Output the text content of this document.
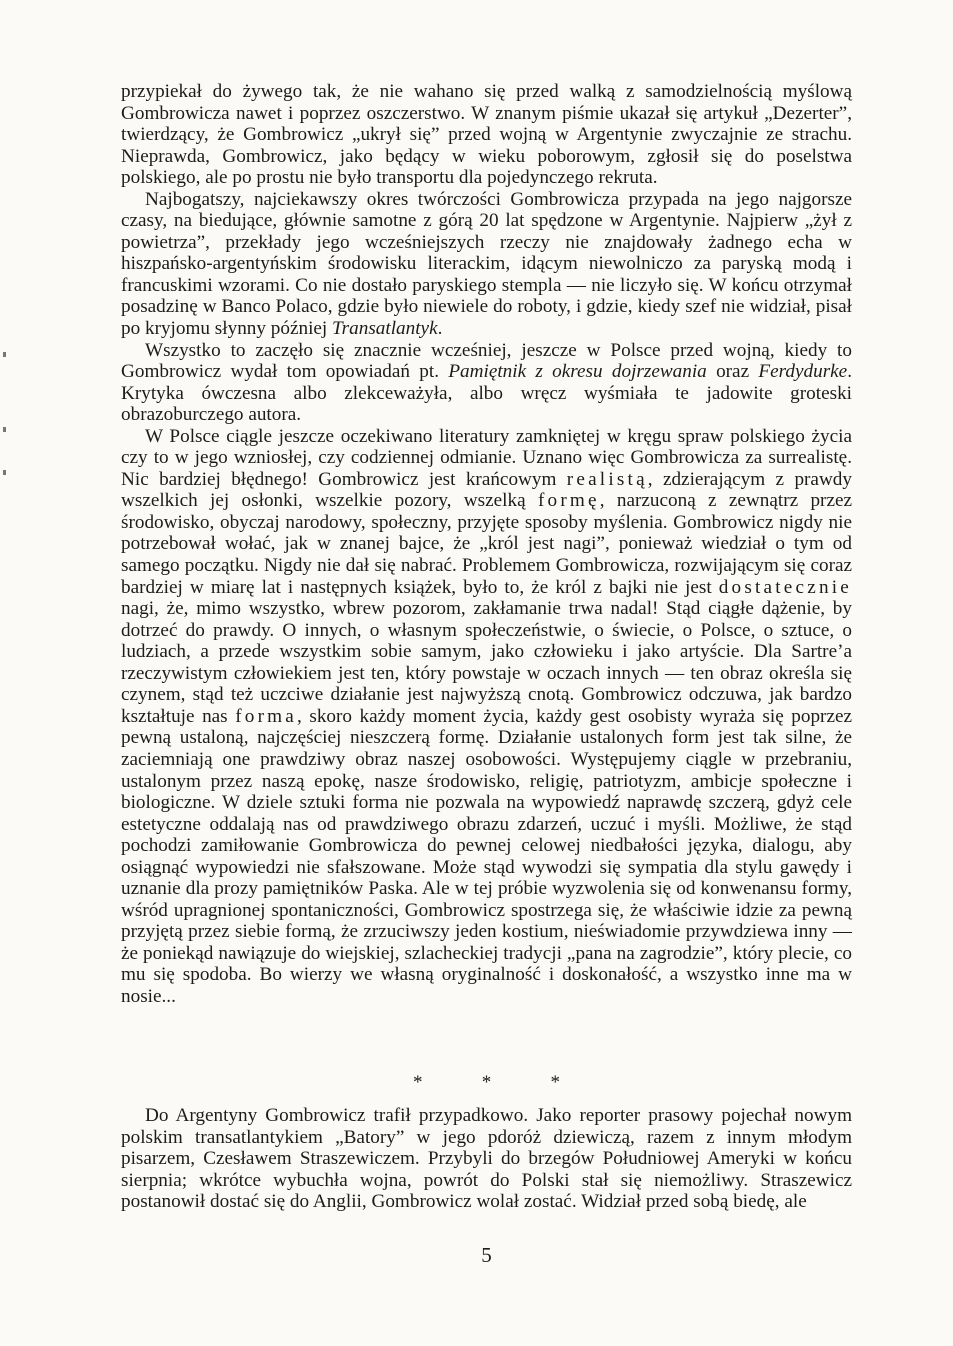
przypiekał do żywego tak, że nie wahano się przed walką z samodzielnością myślową Gombrowicza nawet i poprzez oszczerstwo. W znanym piśmie ukazał się artykuł „Dezerter”, twierdzący, że Gombrowicz „ukrył się” przed wojną w Argentynie zwyczajnie ze strachu. Nieprawda, Gombrowicz, jako będący w wieku poborowym, zgłosił się do poselstwa polskiego, ale po prostu nie było transportu dla pojedynczego rekruta.

Najbogatszy, najciekawszy okres twórczości Gombrowicza przypada na jego najgorsze czasy, na biedujące, głównie samotne z górą 20 lat spędzone w Argentynie. Najpierw „żył z powietrza”, przekłady jego wcześniejszych rzeczy nie znajdowały żadnego echa w hiszpańsko-argentyńskim środowisku literackim, idącym niewolniczo za paryską modą i francuskimi wzorami. Co nie dostało paryskiego stempla — nie liczyło się. W końcu otrzymał posadzinę w Banco Polaco, gdzie było niewiele do roboty, i gdzie, kiedy szef nie widział, pisał po kryjomu słynny później Transatlantyk.

Wszystko to zaczęło się znacznie wcześniej, jeszcze w Polsce przed wojną, kiedy to Gombrowicz wydał tom opowiadań pt. Pamiętnik z okresu dojrzewania oraz Ferdydurke. Krytyka ówczesna albo zlekceważyła, albo wręcz wyśmiała te jadowite groteski obrazoburczego autora.

W Polsce ciągle jeszcze oczekiwano literatury zamkniętej w kręgu spraw polskiego życia czy to w jego wzniosłej, czy codziennej odmianie. Uznano więc Gombrowicza za surrealistę. Nic bardziej błędnego! Gombrowicz jest krańcowym realistą, zdzierającym z prawdy wszelkich jej osłonki, wszelkie pozory, wszelką formę, narzuconą z zewnątrz przez środowisko, obyczaj narodowy, społeczny, przyjęte sposoby myślenia. Gombrowicz nigdy nie potrzebował wołać, jak w znanej bajce, że „król jest nagi”, ponieważ wiedział o tym od samego początku. Nigdy nie dał się nabrać. Problemem Gombrowicza, rozwijającym się coraz bardziej w miarę lat i następnych książek, było to, że król z bajki nie jest dostatecznie nagi, że, mimo wszystko, wbrew pozorom, zakłamanie trwa nadal! Stąd ciągłe dążenie, by dotrzeć do prawdy. O innych, o własnym społeczeństwie, o świecie, o Polsce, o sztuce, o ludziach, a przede wszystkim sobie samym, jako człowieku i jako artyście. Dla Sartre’a rzeczywistym człowiekiem jest ten, który powstaje w oczach innych — ten obraz określa się czynem, stąd też uczciwe działanie jest najwyższą cnotą. Gombrowicz odczuwa, jak bardzo kształtuje nas forma, skoro każdy moment życia, każdy gest osobisty wyraża się poprzez pewną ustaloną, najczęściej nieszczerą formę. Działanie ustalonych form jest tak silne, że zaciemniają one prawdziwy obraz naszej osobowości. Występujemy ciągle w przebraniu, ustalonym przez naszą epokę, nasze środowisko, religię, patriotyzm, ambicje społeczne i biologiczne. W dziele sztuki forma nie pozwala na wypowiedź naprawdę szczerą, gdyż cele estetyczne oddalają nas od prawdziwego obrazu zdarzeń, uczuć i myśli. Możliwe, że stąd pochodzi zamiłowanie Gombrowicza do pewnej celowej niedbałości języka, dialogu, aby osiągnąć wypowiedzi nie sfałszowane. Może stąd wywodzi się sympatia dla stylu gawędy i uznanie dla prozy pamiętników Paska. Ale w tej próbie wyzwolenia się od konwenansu formy, wśród upragnionej spontaniczności, Gombrowicz spostrzega się, że właściwie idzie za pewną przyjętą przez siebie formą, że zrzuciwszy jeden kostium, nieświadomie przywdziewa inny — że poniekąd nawiązuje do wiejskiej, szlacheckiej tradycji „pana na zagrodzie”, który plecie, co mu się spodoba. Bo wierzy we własną oryginalność i doskonałość, a wszystko inne ma w nosie...

*	*	*

Do Argentyny Gombrowicz trafił przypadkowo. Jako reporter prasowy pojechał nowym polskim transatlantykiem „Batory” w jego pdoróż dziewiczą, razem z innym młodym pisarzem, Czesławem Straszewiczem. Przybyli do brzegów Południowej Ameryki w końcu sierpnia; wkrótce wybuchła wojna, powrót do Polski stał się niemożliwy. Straszewicz postanowił dostać się do Anglii, Gombrowicz wolał zostać. Widział przed sobą biedę, ale

5
